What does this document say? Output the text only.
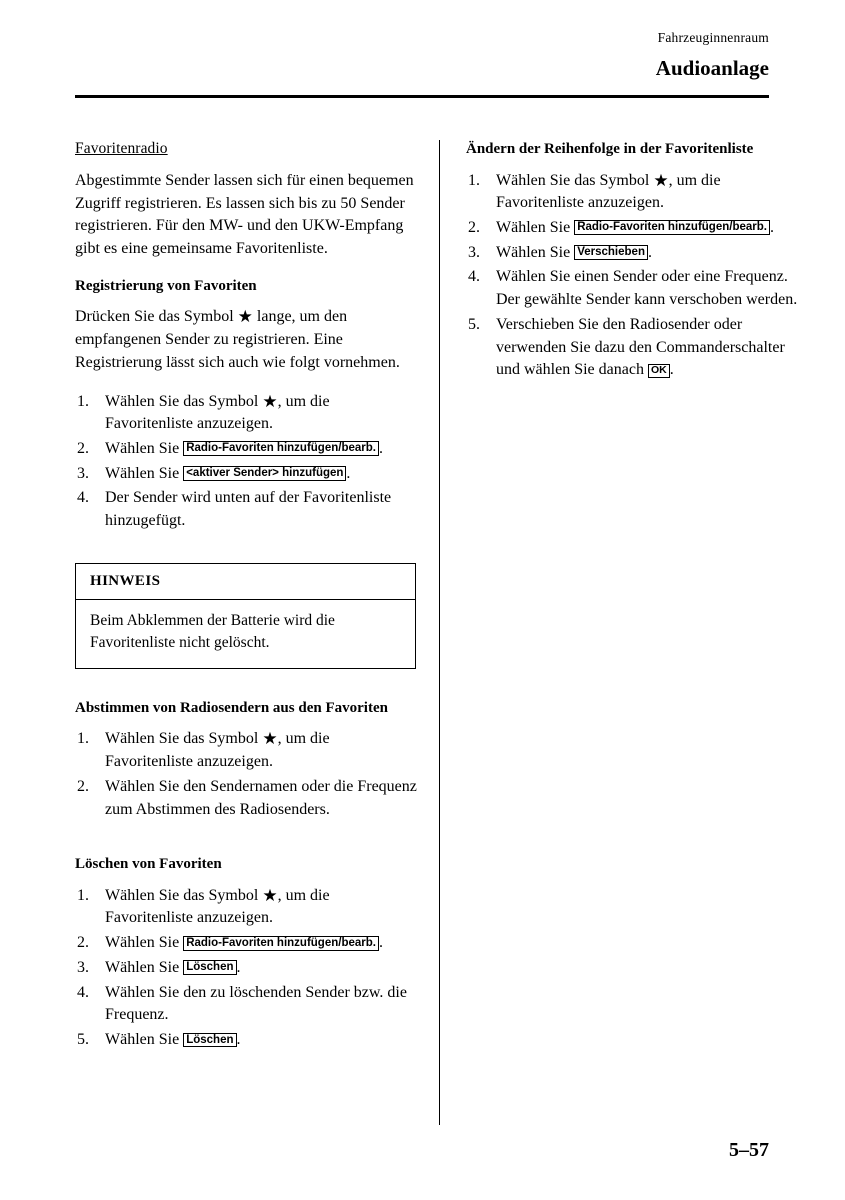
Fahrzeuginnenraum
Audioanlage
Favoritenradio

Abgestimmte Sender lassen sich für einen bequemen Zugriff registrieren. Es lassen sich bis zu 50 Sender registrieren. Für den MW- und den UKW-Empfang gibt es eine gemeinsame Favoritenliste.

Registrierung von Favoriten

Drücken Sie das Symbol ★ lange, um den empfangenen Sender zu registrieren. Eine Registrierung lässt sich auch wie folgt vornehmen.

Wählen Sie das Symbol ★, um die Favoritenliste anzuzeigen.
Wählen Sie Radio-Favoriten hinzufügen/bearb. .
Wählen Sie <aktiver Sender> hinzufügen .
Der Sender wird unten auf der Favoritenliste hinzugefügt.
HINWEIS
Beim Abklemmen der Batterie wird die Favoritenliste nicht gelöscht.
Abstimmen von Radiosendern aus den Favoriten
Wählen Sie das Symbol ★, um die Favoritenliste anzuzeigen.
Wählen Sie den Sendernamen oder die Frequenz zum Abstimmen des Radiosenders.
Löschen von Favoriten
Wählen Sie das Symbol ★, um die Favoritenliste anzuzeigen.
Wählen Sie Radio-Favoriten hinzufügen/bearb. .
Wählen Sie Löschen .
Wählen Sie den zu löschenden Sender bzw. die Frequenz.
Wählen Sie Löschen .
Ändern der Reihenfolge in der Favoritenliste
Wählen Sie das Symbol ★, um die Favoritenliste anzuzeigen.
Wählen Sie Radio-Favoriten hinzufügen/bearb. .
Wählen Sie Verschieben .
Wählen Sie einen Sender oder eine Frequenz. Der gewählte Sender kann verschoben werden.
Verschieben Sie den Radiosender oder verwenden Sie dazu den Commanderschalter und wählen Sie danach OK .
5–57
